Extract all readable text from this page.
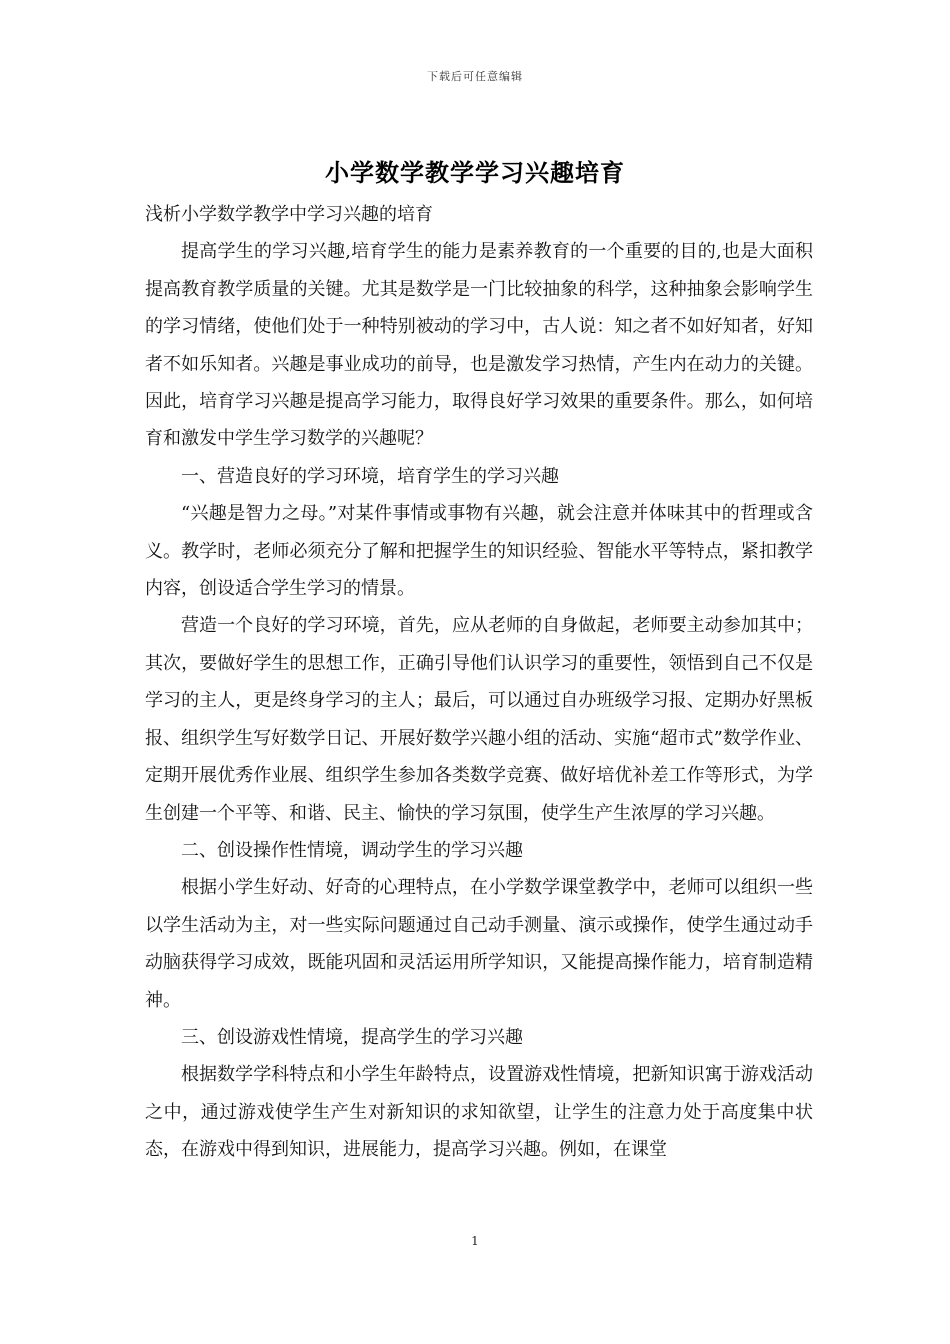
下载后可任意编辑
小学数学教学学习兴趣培育

浅析小学数学教学中学习兴趣的培育

提高学生的学习兴趣,培育学生的能力是素养教育的一个重要的目的,也是大面积提高教育教学质量的关键。尤其是数学是一门比较抽象的科学，这种抽象会影响学生的学习情绪，使他们处于一种特别被动的学习中，古人说：知之者不如好知者，好知者不如乐知者。兴趣是事业成功的前导，也是激发学习热情，产生内在动力的关键。因此，培育学习兴趣是提高学习能力，取得良好学习效果的重要条件。那么，如何培育和激发中学生学习数学的兴趣呢？

一、营造良好的学习环境，培育学生的学习兴趣

“兴趣是智力之母。”对某件事情或事物有兴趣，就会注意并体味其中的哲理或含义。教学时，老师必须充分了解和把握学生的知识经验、智能水平等特点，紧扣教学内容，创设适合学生学习的情景。

营造一个良好的学习环境，首先，应从老师的自身做起，老师要主动参加其中；其次，要做好学生的思想工作，正确引导他们认识学习的重要性，领悟到自己不仅是学习的主人，更是终身学习的主人；最后，可以通过自办班级学习报、定期办好黑板报、组织学生写好数学日记、开展好数学兴趣小组的活动、实施“超市式”数学作业、定期开展优秀作业展、组织学生参加各类数学竞赛、做好培优补差工作等形式，为学生创建一个平等、和谐、民主、愉快的学习氛围，使学生产生浓厚的学习兴趣。

二、创设操作性情境，调动学生的学习兴趣

根据小学生好动、好奇的心理特点，在小学数学课堂教学中，老师可以组织一些以学生活动为主，对一些实际问题通过自己动手测量、演示或操作，使学生通过动手动脑获得学习成效，既能巩固和灵活运用所学知识，又能提高操作能力，培育制造精神。

三、创设游戏性情境，提高学生的学习兴趣

根据数学学科特点和小学生年龄特点，设置游戏性情境，把新知识寓于游戏活动之中，通过游戏使学生产生对新知识的求知欲望，让学生的注意力处于高度集中状态，在游戏中得到知识，进展能力，提高学习兴趣。例如，在课堂

1
